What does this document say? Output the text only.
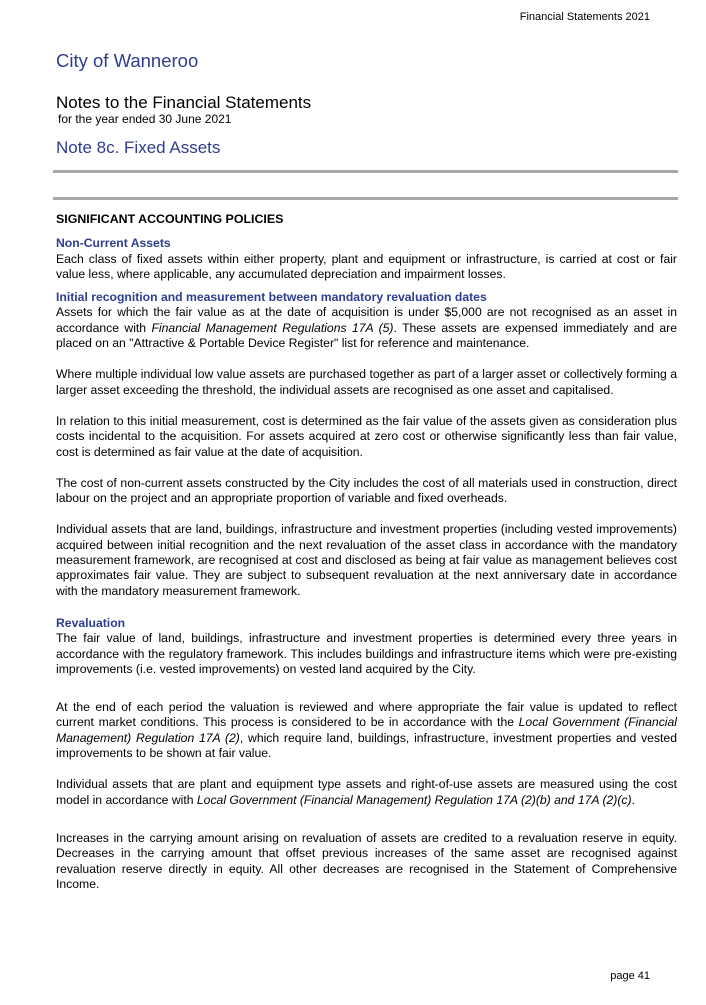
Financial Statements 2021
City of Wanneroo
Notes to the Financial Statements
for the year ended 30 June 2021
Note 8c. Fixed Assets

SIGNIFICANT ACCOUNTING POLICIES

Non-Current Assets

Each class of fixed assets within either property, plant and equipment or infrastructure, is carried at cost or fair value less, where applicable, any accumulated depreciation and impairment losses.

Initial recognition and measurement between mandatory revaluation dates

Assets for which the fair value as at the date of acquisition is under $5,000 are not recognised as an asset in accordance with Financial Management Regulations 17A (5). These assets are expensed immediately and are placed on an "Attractive & Portable Device Register" list for reference and maintenance.

Where multiple individual low value assets are purchased together as part of a larger asset or collectively forming a larger asset exceeding the threshold, the individual assets are recognised as one asset and capitalised.

In relation to this initial measurement, cost is determined as the fair value of the assets given as consideration plus costs incidental to the acquisition. For assets acquired at zero cost or otherwise significantly less than fair value, cost is determined as fair value at the date of acquisition.

The cost of non-current assets constructed by the City includes the cost of all materials used in construction, direct labour on the project and an appropriate proportion of variable and fixed overheads.

Individual assets that are land, buildings, infrastructure and investment properties (including vested improvements) acquired between initial recognition and the next revaluation of the asset class in accordance with the mandatory measurement framework, are recognised at cost and disclosed as being at fair value as management believes cost approximates fair value. They are subject to subsequent revaluation at the next anniversary date in accordance with the mandatory measurement framework.

Revaluation

The fair value of land, buildings, infrastructure and investment properties is determined every three years in accordance with the regulatory framework. This includes buildings and infrastructure items which were pre-existing improvements (i.e. vested improvements) on vested land acquired by the City.

At the end of each period the valuation is reviewed and where appropriate the fair value is updated to reflect current market conditions. This process is considered to be in accordance with the Local Government (Financial Management) Regulation 17A (2), which require land, buildings, infrastructure, investment properties and vested improvements to be shown at fair value.

Individual assets that are plant and equipment type assets and right-of-use assets are measured using the cost model in accordance with Local Government (Financial Management) Regulation 17A (2)(b) and 17A (2)(c).

Increases in the carrying amount arising on revaluation of assets are credited to a revaluation reserve in equity. Decreases in the carrying amount that offset previous increases of the same asset are recognised against revaluation reserve directly in equity. All other decreases are recognised in the Statement of Comprehensive Income.

page 41
